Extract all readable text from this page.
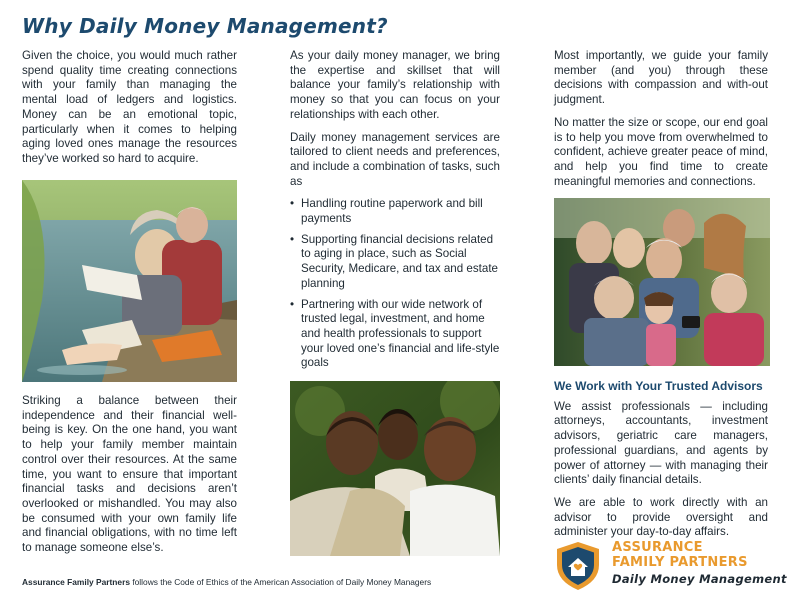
Why Daily Money Management?

Given the choice, you would much rather spend quality time creating connections with your family than managing the mental load of ledgers and logistics. Money can be an emotional topic, particularly when it comes to helping aging loved ones manage the resources they’ve worked so hard to acquire.

Striking a balance between their independence and their financial well-being is key. On the one hand, you want to help your family member maintain control over their resources. At the same time, you want to ensure that important financial tasks and decisions aren’t overlooked or mishandled. You may also be consumed with your own family life and financial obligations, with no time left to manage someone else’s.

As your daily money manager, we bring the expertise and skillset that will balance your family’s relationship with money so that you can focus on your relationships with each other.

Daily money management services are tailored to client needs and preferences, and include a combination of tasks, such as

• Handling routine paperwork and bill payments
• Supporting financial decisions related to aging in place, such as Social Security, Medicare, and tax and estate planning
• Partnering with our wide network of trusted legal, investment, and home and health professionals to support your loved one’s financial and life-style goals

Most importantly, we guide your family member (and you) through these decisions with compassion and with-out judgment.

No matter the size or scope, our end goal is to help you move from overwhelmed to confident, achieve greater peace of mind, and help you find time to create meaningful memories and connections.

We Work with Your Trusted Advisors

We assist professionals — including attorneys, accountants, investment advisors, geriatric care managers, professional guardians, and agents by power of attorney — with managing their clients’ daily financial details.

We are able to work directly with an advisor to provide oversight and administer your day-to-day affairs.

Assurance Family Partners follows the Code of Ethics of the American Association of Daily Money Managers
ASSURANCE
FAMILY PARTNERS
Daily Money Management
